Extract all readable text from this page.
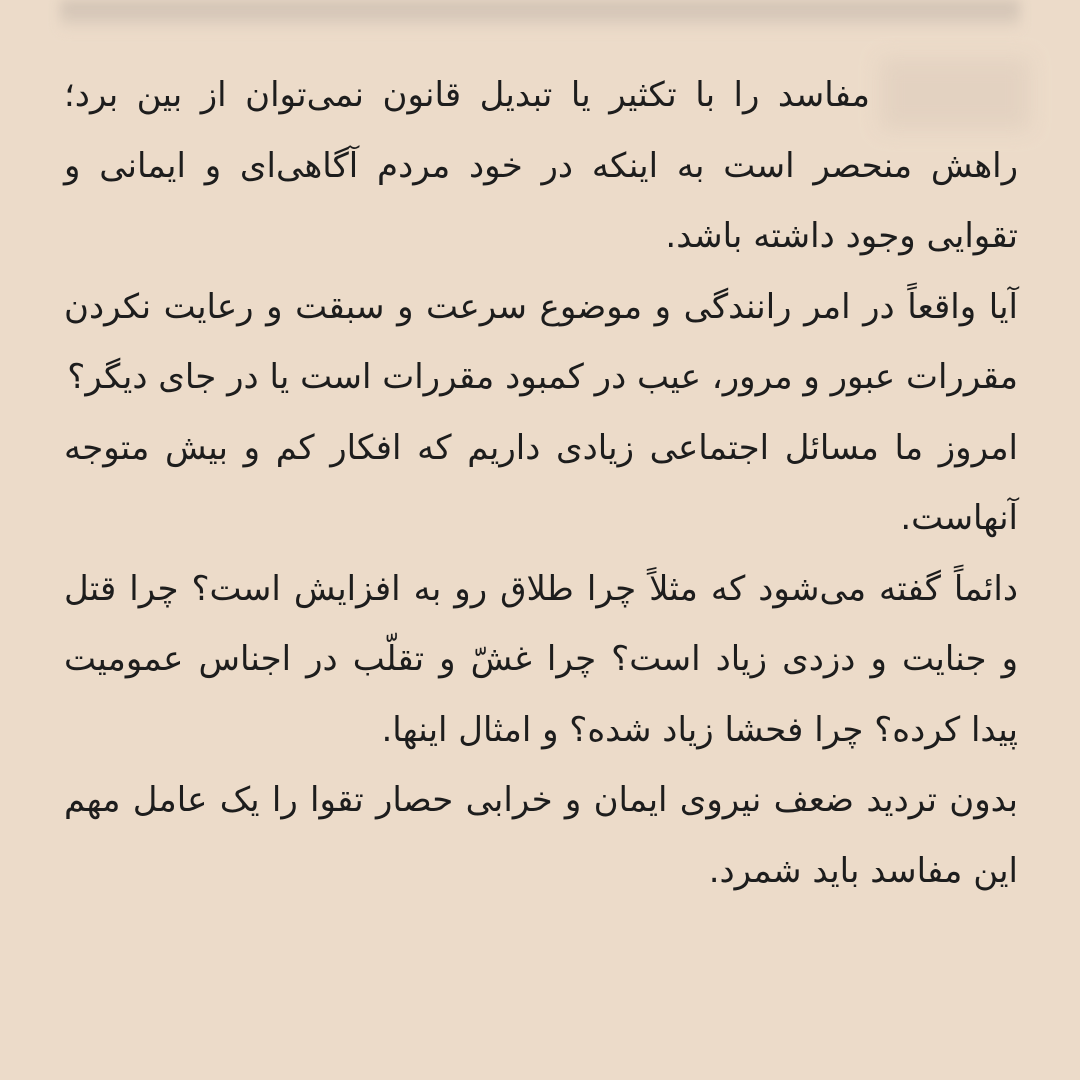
مفاسد را با تکثیر یا تبدیل قانون نمی‌توان از بین برد؛ راهش منحصر است به اینکه در خود مردم آگاهی‌ای و ایمانی و تقوایی وجود داشته باشد.

آیا واقعاً در امر رانندگی و موضوع سرعت و سبقت و رعایت نکردن مقررات عبور و مرور، عیب در کمبود مقررات است یا در جای دیگر؟

امروز ما مسائل اجتماعی زیادی داریم که افکار کم و بیش متوجه آنهاست.

دائماً گفته می‌شود که مثلاً چرا طلاق رو به افزایش است؟ چرا قتل و جنایت و دزدی زیاد است؟ چرا غشّ و تقلّب در اجناس عمومیت پیدا کرده؟ چرا فحشا زیاد شده؟ و امثال اینها.

بدون تردید ضعف نیروی ایمان و خرابی حصار تقوا را یک عامل مهم این مفاسد باید شمرد.
